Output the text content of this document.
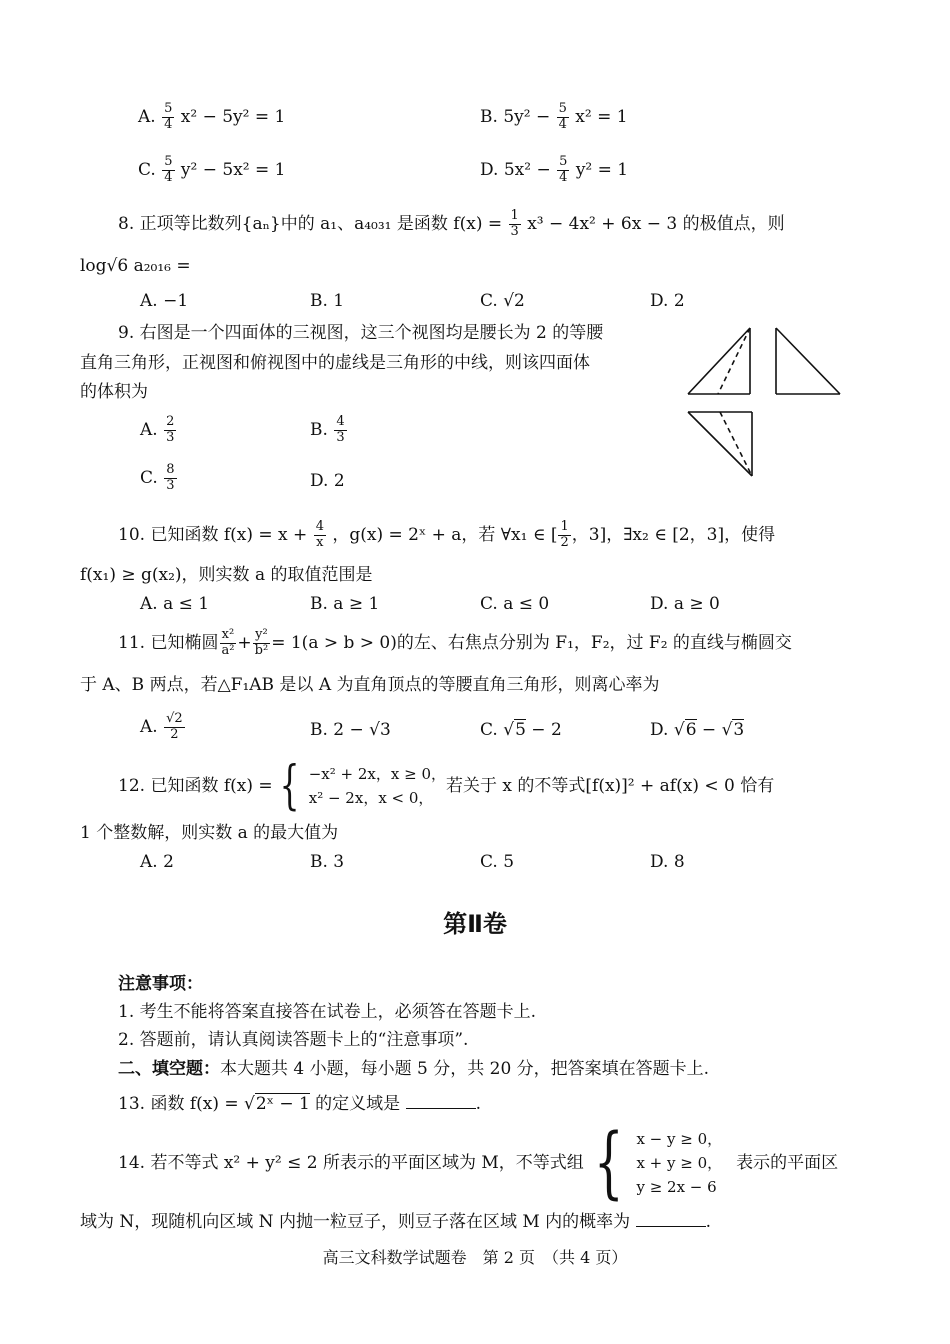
A. $\frac{5}{4} x^2 - 5y^2 = 1$	B. $5y^2 - \frac{5}{4} x^2 = 1$
C. $\frac{5}{4} y^2 - 5x^2 = 1$	D. $5x^2 - \frac{5}{4} y^2 = 1$
8. 正项等比数列{aₙ}中的 a₁、a₄₀₃₁ 是函数 $f(x) = \frac{1}{3} x^3 - 4x^2 + 6x - 3$ 的极值点，则
log√6 a₂₀₁₆ =
A. −1	B. 1	C. √2	D. 2
9. 右图是一个四面体的三视图，这三个视图均是腰长为 2 的等腰
直角三角形，正视图和俯视图中的虚线是三角形的中线，则该四面体
的体积为
A. $\frac{2}{3}$	B. $\frac{4}{3}$
C. $\frac{8}{3}$	D. 2
10. 已知函数 $f(x) = x + \frac{4}{x}$ ，g(x) = 2ˣ + a，若 ∀x₁ ∈ [ $\frac{1}{2}$ ，3]，∃x₂ ∈ [2，3]，使得
f(x₁) ≥ g(x₂)，则实数 a 的取值范围是
A. a ≤ 1	B. a ≥ 1	C. a ≤ 0	D. a ≥ 0
11. 已知椭圆 $\frac{\text{x²}}{\text{a²}} + \frac{\text{y²}}{\text{b²}} = 1(a > b > 0)$的左、右焦点分别为 F₁，F₂，过 F₂ 的直线与椭圆交
于 A、B 两点，若△F₁AB 是以 A 为直角顶点的等腰直角三角形，则离心率为
A. $\frac{√2}{2}$	B. 2 − √3	C. √5 − 2	D. √6 − √3
12. 已知函数 f(x) = { −x² + 2x，x ≥ 0，
x² − 2x，x < 0，
若关于 x 的不等式[f(x)]² + af(x) < 0 恰有
1 个整数解，则实数 a 的最大值为
A. 2	B. 3	C. 5	D. 8
第Ⅱ卷
注意事项：
1. 考生不能将答案直接答在试卷上，必须答在答题卡上.
2. 答题前，请认真阅读答题卡上的“注意事项”.
二、填空题：本大题共 4 小题，每小题 5 分，共 20 分，把答案填在答题卡上.
13. 函数 f(x) = √2ˣ − 1 的定义域是	.
14. 若不等式 x² + y² ≤ 2 所表示的平面区域为 M，不等式组 { x − y ≥ 0，
x + y ≥ 0，
y ≥ 2x − 6
表示的平面区
域为 N，现随机向区域 N 内抛一粒豆子，则豆子落在区域 M 内的概率为	.
高三文科数学试题卷　第 2 页　（共 4 页）
